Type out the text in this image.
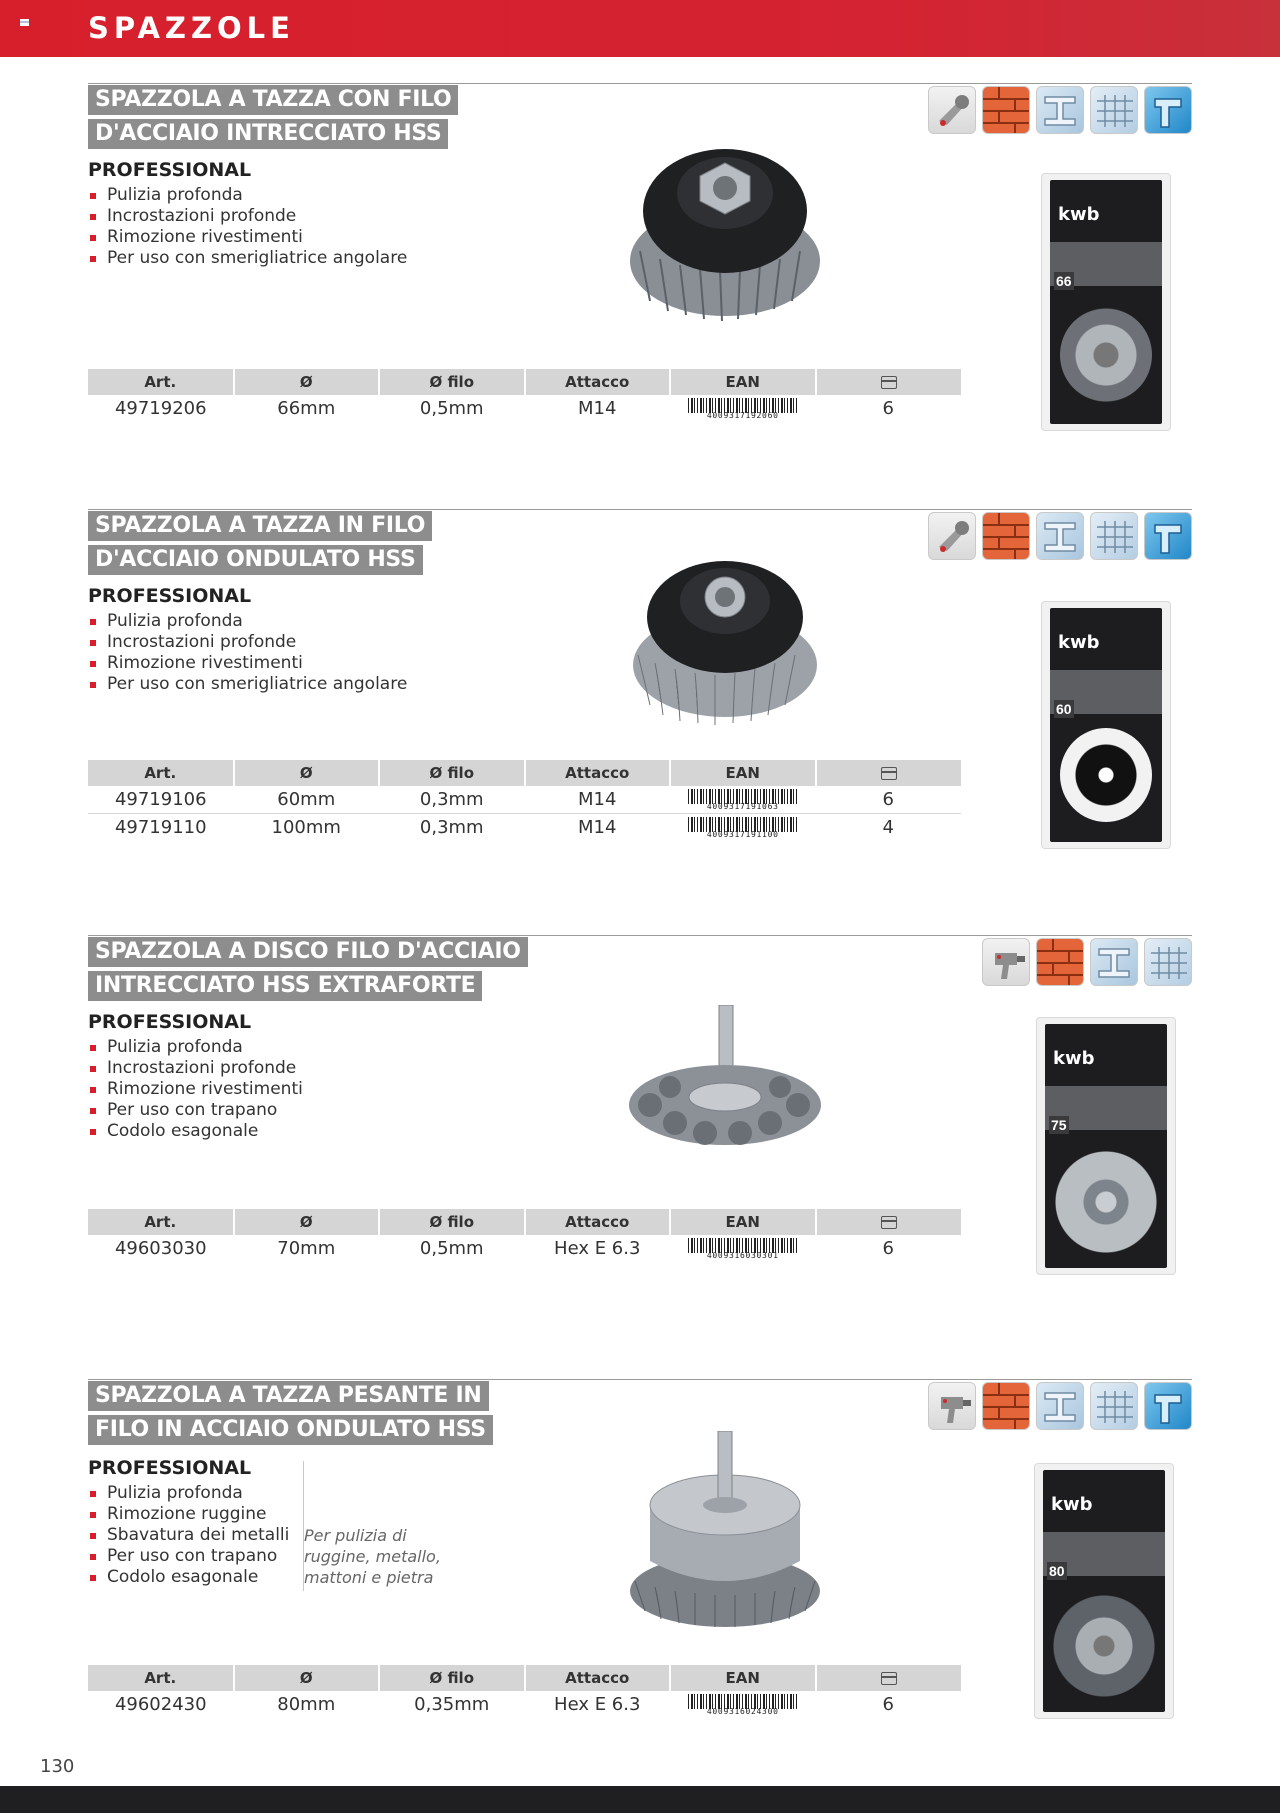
SPAZZOLE
SPAZZOLA A TAZZA CON FILO
D'ACCIAIO INTRECCIATO HSS
PROFESSIONAL
Pulizia profonda
Incrostazioni profonde
Rimozione rivestimenti
Per uso con smerigliatrice angolare
kwb
66
Art.	Ø	Ø filo	Attacco	EAN	
49719206	66mm	0,5mm	M14	4009317192060	6
SPAZZOLA A TAZZA IN FILO
D'ACCIAIO ONDULATO HSS
PROFESSIONAL
Pulizia profonda
Incrostazioni profonde
Rimozione rivestimenti
Per uso con smerigliatrice angolare
kwb
60
Art.	Ø	Ø filo	Attacco	EAN	
49719106	60mm	0,3mm	M14	4009317191063	6
49719110	100mm	0,3mm	M14	4009317191100	4
SPAZZOLA A DISCO FILO D'ACCIAIO
INTRECCIATO HSS EXTRAFORTE
PROFESSIONAL
Pulizia profonda
Incrostazioni profonde
Rimozione rivestimenti
Per uso con trapano
Codolo esagonale
kwb
75
Art.	Ø	Ø filo	Attacco	EAN	
49603030	70mm	0,5mm	Hex E 6.3	4009316030301	6
SPAZZOLA A TAZZA PESANTE IN
FILO IN ACCIAIO ONDULATO HSS
PROFESSIONAL
Pulizia profonda
Rimozione ruggine
Sbavatura dei metalli
Per uso con trapano
Codolo esagonale
Per pulizia di ruggine, metallo, mattoni e pietra
kwb
80
Art.	Ø	Ø filo	Attacco	EAN	
49602430	80mm	0,35mm	Hex E 6.3	4009316024300	6
130
